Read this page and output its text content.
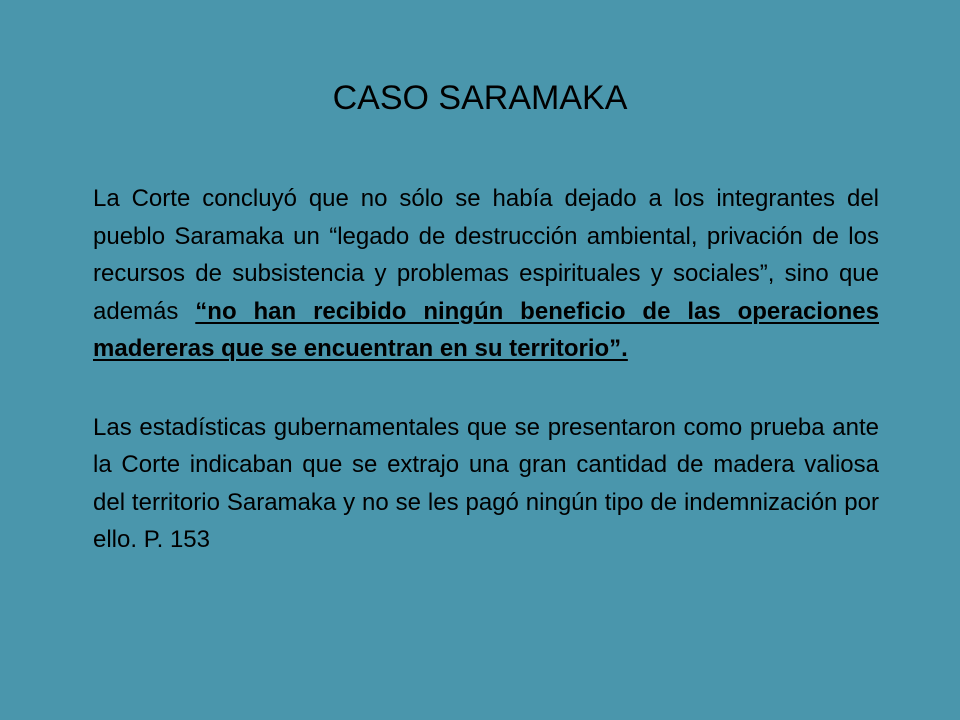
CASO SARAMAKA

La Corte concluyó que no sólo se había dejado a los integrantes del pueblo Saramaka un “legado de destrucción ambiental, privación de los recursos de subsistencia y problemas espirituales y sociales”, sino que además “no han recibido ningún beneficio de las operaciones madereras que se encuentran en su territorio”.

Las estadísticas gubernamentales que se presentaron como prueba ante la Corte indicaban que se extrajo una gran cantidad de madera valiosa del territorio Saramaka y no se les pagó ningún tipo de indemnización por ello. P. 153
